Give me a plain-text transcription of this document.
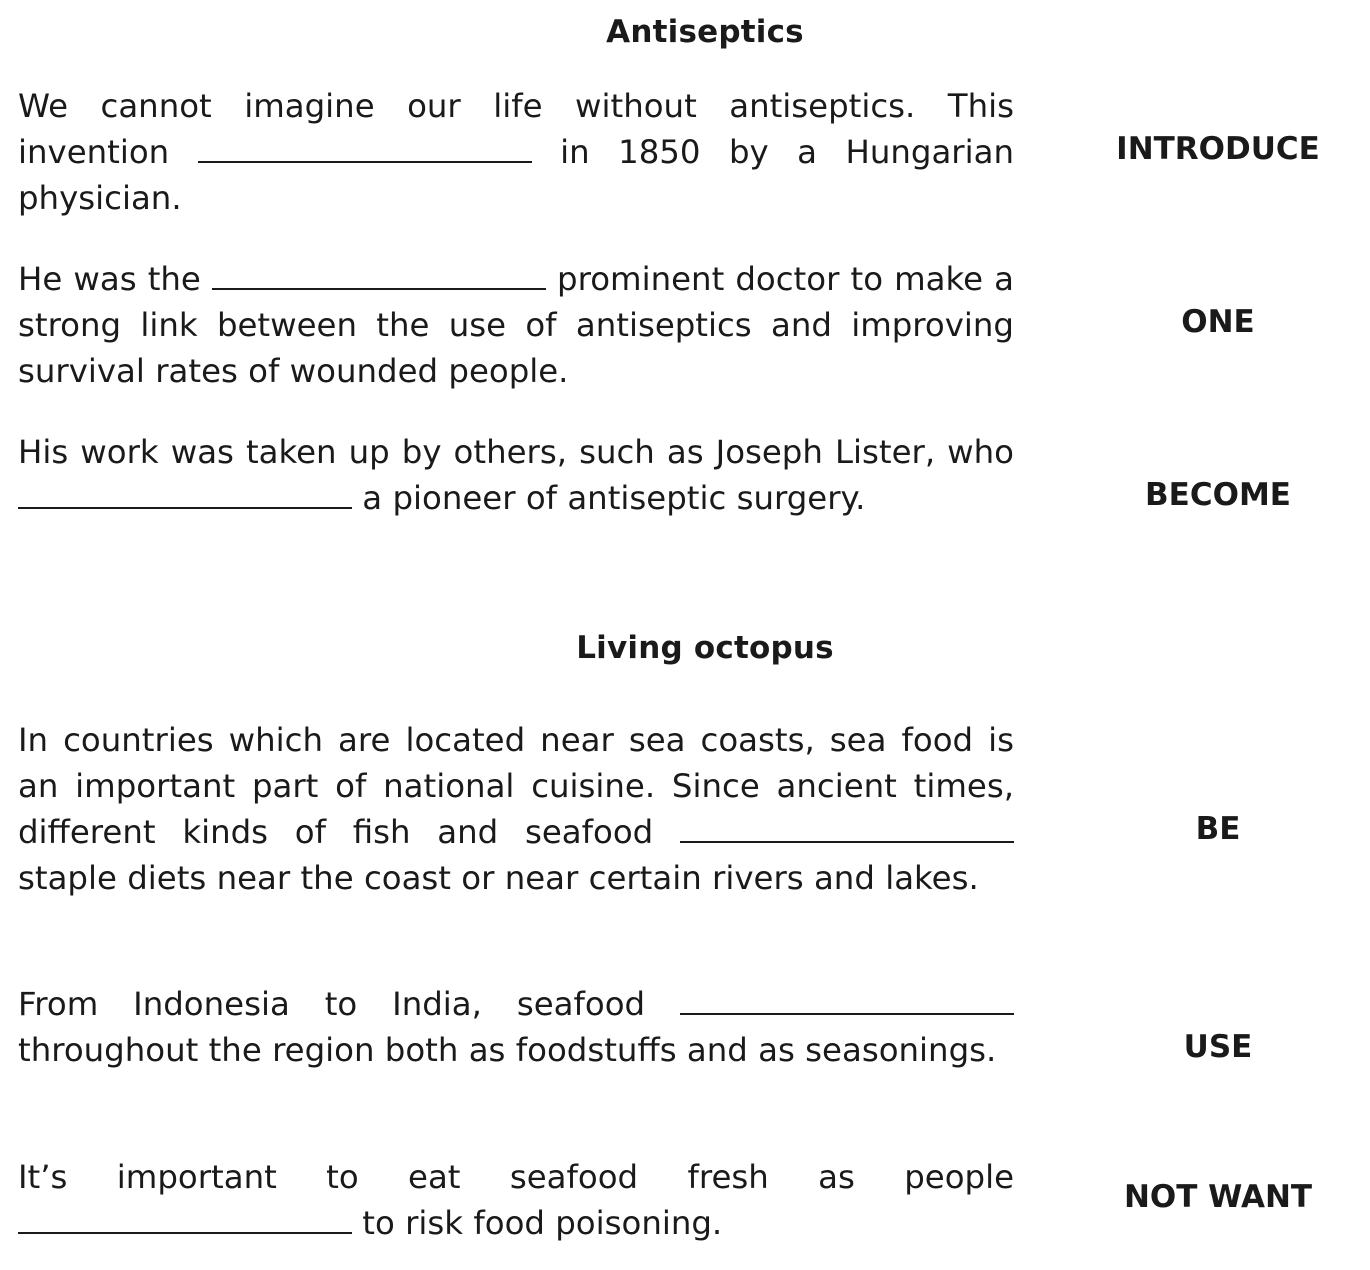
Antiseptics
We cannot imagine our life without antiseptics. This invention	in 1850 by a Hungarian physician.
INTRODUCE
He was the	prominent doctor to make a strong link between the use of antiseptics and improving survival rates of wounded people.
ONE
His work was taken up by others, such as Joseph Lister, who  a pioneer of antiseptic surgery.	BECOME
Living octopus
In countries which are located near sea coasts, sea food is an important part of national cuisine. Since ancient times, different kinds of fish and seafood  staple diets near the coast or near certain rivers and lakes.
BE
From Indonesia to India, seafood  throughout the region both as foodstuffs and as seasonings.	USE
It’s important to eat seafood fresh as people  to risk food poisoning.
NOT WANT
